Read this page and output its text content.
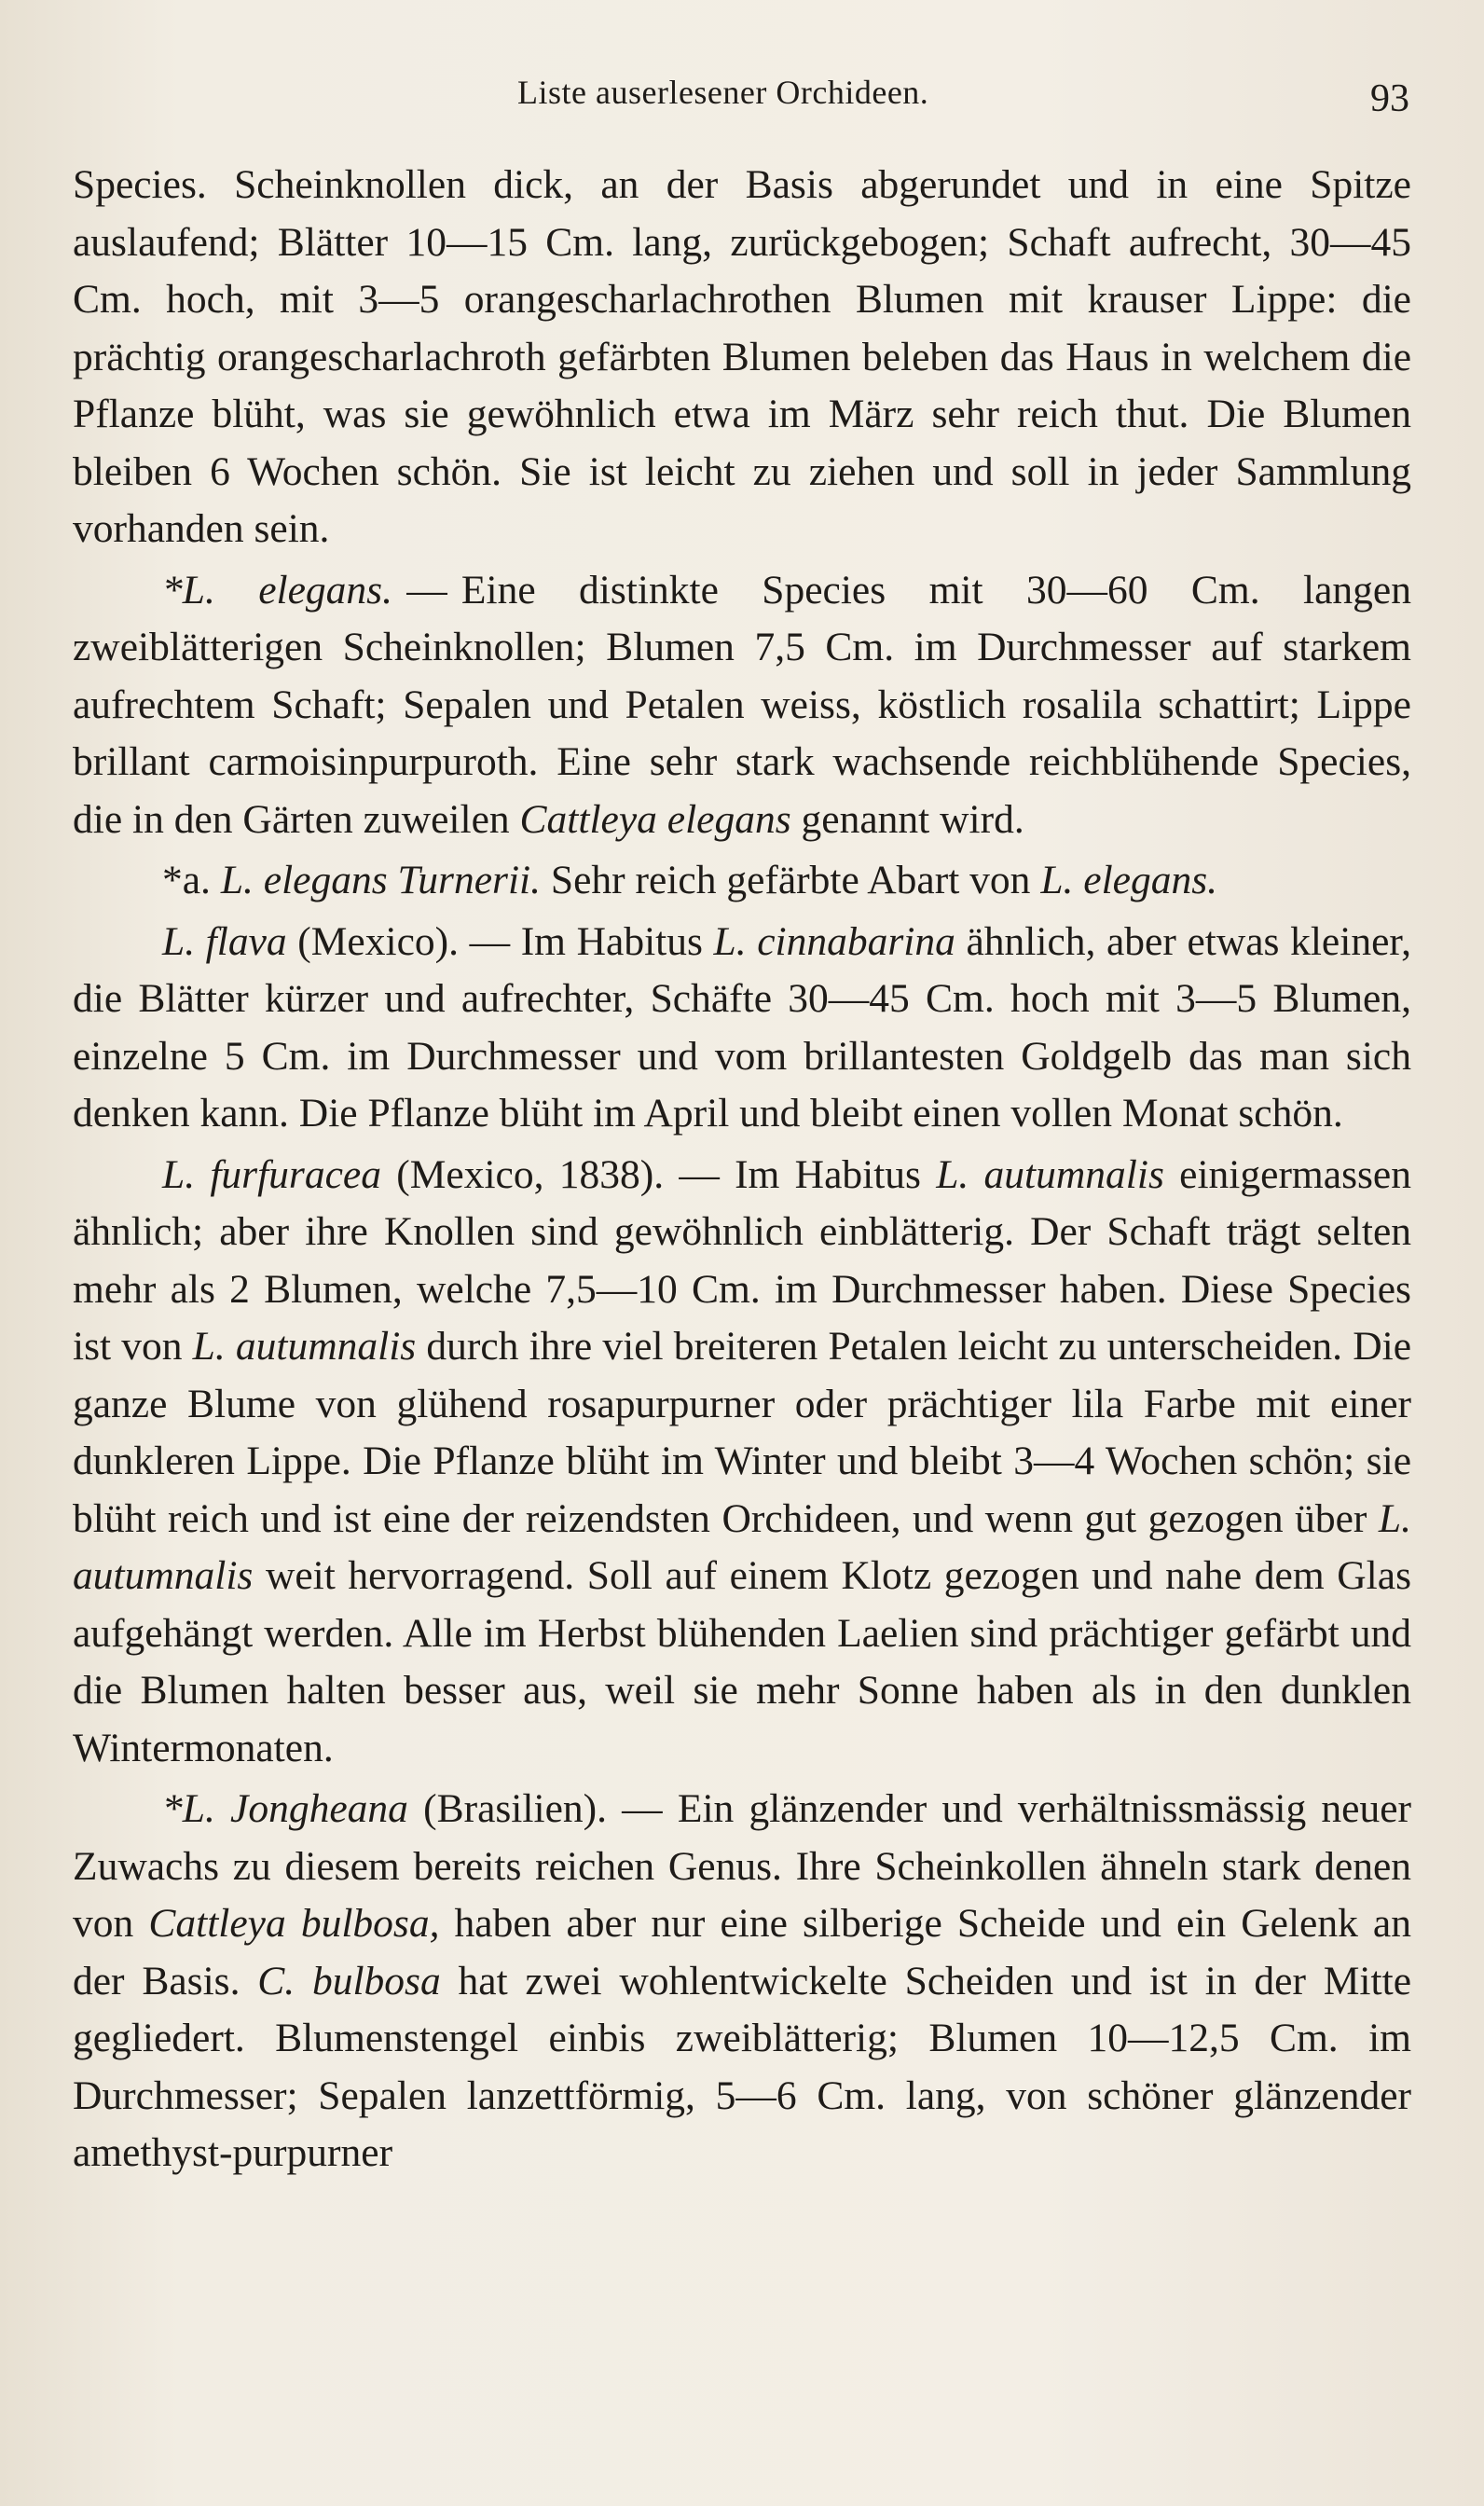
Liste auserlesener Orchideen.	93

Species. Scheinknollen dick, an der Basis abgerundet und in eine Spitze auslaufend; Blätter 10—15 Cm. lang, zurückgebogen; Schaft aufrecht, 30—45 Cm. hoch, mit 3—5 orangescharlachrothen Blumen mit krauser Lippe: die prächtig orangescharlachroth gefärbten Blumen beleben das Haus in welchem die Pflanze blüht, was sie gewöhnlich etwa im März sehr reich thut. Die Blumen bleiben 6 Wochen schön. Sie ist leicht zu ziehen und soll in jeder Sammlung vorhanden sein.

*L. elegans. — Eine distinkte Species mit 30—60 Cm. langen zweiblätterigen Scheinknollen; Blumen 7,5 Cm. im Durchmesser auf starkem aufrechtem Schaft; Sepalen und Petalen weiss, köstlich rosalila schattirt; Lippe brillant carmoisinpurpuroth. Eine sehr stark wachsende reichblühende Species, die in den Gärten zuweilen Cattleya elegans genannt wird.

*a. L. elegans Turnerii. Sehr reich gefärbte Abart von L. elegans.

L. flava (Mexico). — Im Habitus L. cinnabarina ähnlich, aber etwas kleiner, die Blätter kürzer und aufrechter, Schäfte 30—45 Cm. hoch mit 3—5 Blumen, einzelne 5 Cm. im Durchmesser und vom brillantesten Goldgelb das man sich denken kann. Die Pflanze blüht im April und bleibt einen vollen Monat schön.

L. furfuracea (Mexico, 1838). — Im Habitus L. autumnalis einigermassen ähnlich; aber ihre Knollen sind gewöhnlich einblätterig. Der Schaft trägt selten mehr als 2 Blumen, welche 7,5—10 Cm. im Durchmesser haben. Diese Species ist von L. autumnalis durch ihre viel breiteren Petalen leicht zu unterscheiden. Die ganze Blume von glühend rosapurpurner oder prächtiger lila Farbe mit einer dunkleren Lippe. Die Pflanze blüht im Winter und bleibt 3—4 Wochen schön; sie blüht reich und ist eine der reizendsten Orchideen, und wenn gut gezogen über L. autumnalis weit hervorragend. Soll auf einem Klotz gezogen und nahe dem Glas aufgehängt werden. Alle im Herbst blühenden Laelien sind prächtiger gefärbt und die Blumen halten besser aus, weil sie mehr Sonne haben als in den dunklen Wintermonaten.

*L. Jongheana (Brasilien). — Ein glänzender und verhältnissmässig neuer Zuwachs zu diesem bereits reichen Genus. Ihre Scheinkollen ähneln stark denen von Cattleya bulbosa, haben aber nur eine silberige Scheide und ein Gelenk an der Basis. C. bulbosa hat zwei wohlentwickelte Scheiden und ist in der Mitte gegliedert. Blumenstengel einbis zweiblätterig; Blumen 10—12,5 Cm. im Durchmesser; Sepalen lanzettförmig, 5—6 Cm. lang, von schöner glänzender amethyst-purpurner
